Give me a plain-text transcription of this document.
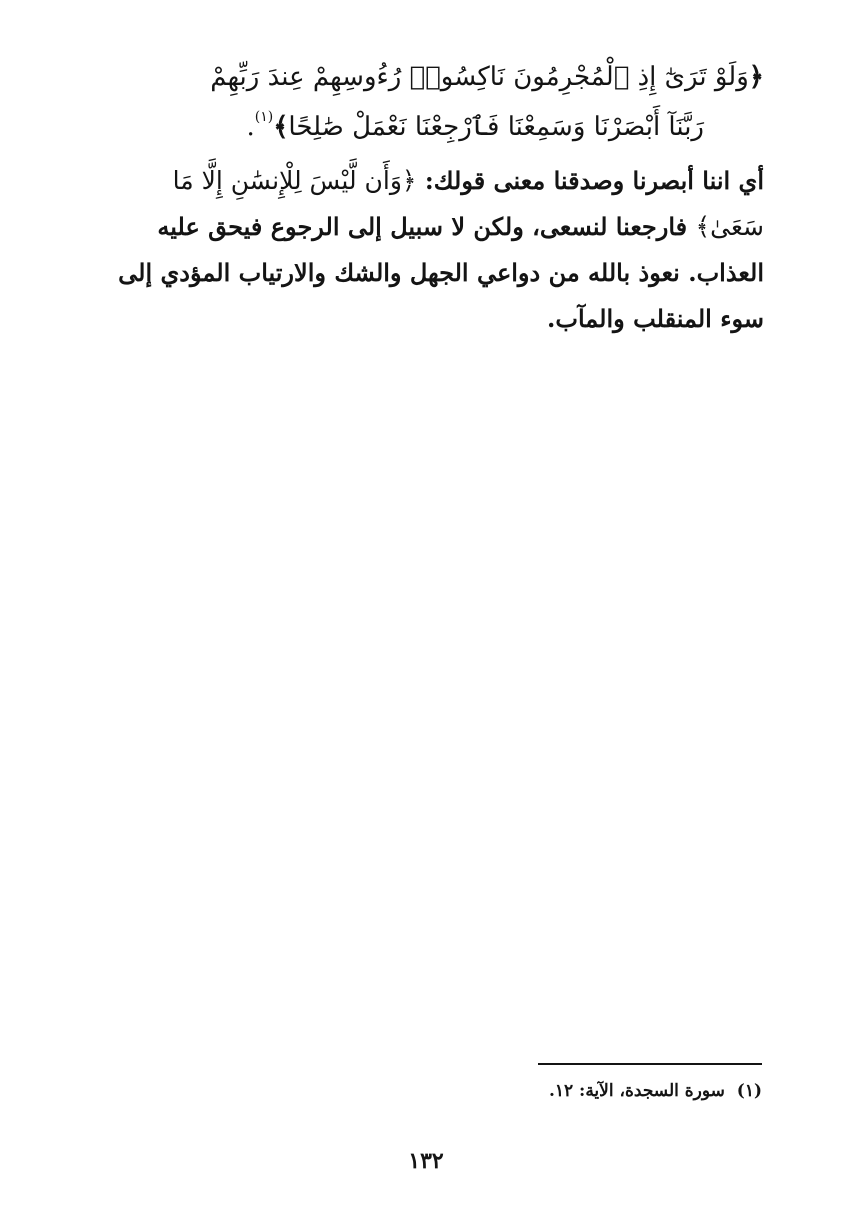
﴿وَلَوْ تَرَىٰٓ إِذِ ٱلْمُجْرِمُونَ نَاكِسُوا۟ رُءُوسِهِمْ عِندَ رَبِّهِمْ
رَبَّنَآ أَبْصَرْنَا وَسَمِعْنَا فَٱرْجِعْنَا نَعْمَلْ صَٰلِحًا﴾$^{(١)}$.
أي اننا أبصرنا وصدقنا معنى قولك: ﴿وَأَن لَّيْسَ لِلْإِنسَٰنِ إِلَّا مَا
سَعَىٰ﴾ فارجعنا لنسعى، ولكن لا سبيل إلى الرجوع فيحق عليه
العذاب. نعوذ بالله من دواعي الجهل والشك والارتياب المؤدي إلى
سوء المنقلب والمآب.
(١)  سورة السجدة، الآية: ١٢.
١٣٢
